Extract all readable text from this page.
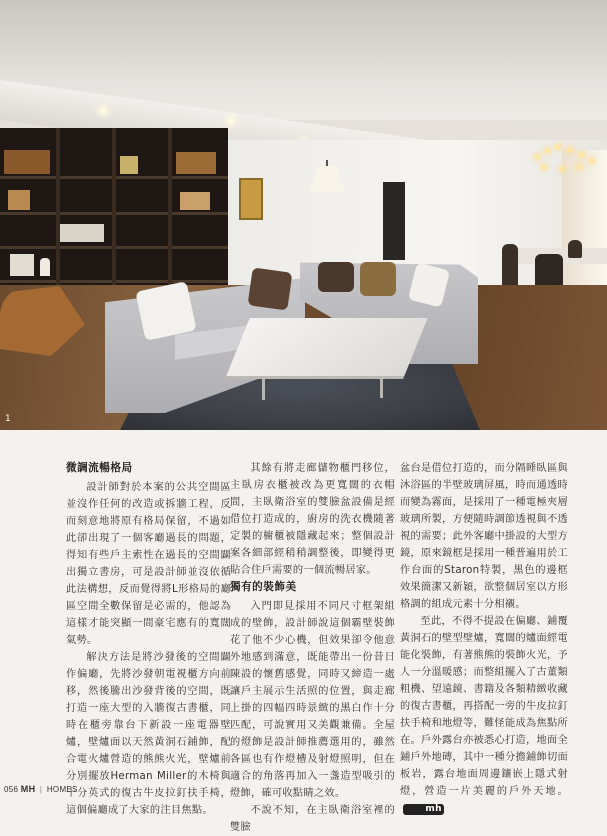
1
微調流暢格局

設計師對於本案的公共空間區並沒作任何的改造或拆牆工程，反而刻意地將原有格局保留，不過如此卻出現了一個客廳過長的問題，得知有些戶主索性在過長的空間闢出獨立書房，可是設計師並沒依循此法構想，反而覺得將L形格局的廳區空間全數保留是必需的，他認為這樣才能突顯一間豪宅應有的寬闊氣勢。

解決方法是將沙發後的空間闢作偏廳，先將沙發朝電視櫃方向前移，然後騰出沙發背後的空間，既打造一座大型的入牆復古書櫃，同時在櫃旁靠台下新設一座電器壁爐，壁爐面以天然黃洞石鋪飾，配合電火爐營造的熊熊火光，壁爐前分別擺放Herman Miller的木椅與十分英式的復古牛皮拉釘扶手椅，這個偏廳成了大家的注目焦點。

其餘有將走廊儲物櫃門移位，主臥房衣櫃被改為更寬闊的衣帽間，主臥衛浴室的雙臉盆設備是經借位打造成的，廚房的洗衣機隨著定製的櫥櫃被隱藏起來；整個設計案各細部經稍稍調整後，即變得更貼合住戶需要的一個流暢居家。

獨有的裝飾美

入門即見採用不同尺寸框架組成的壁飾，設計師說這個霸壁裝飾花了他不少心機，但效果卻令他意外地感到滿意，既能帶出一份昔日陳設的懷舊感覺，同時又締造一處讓戶主展示生活照的位置，與走廊上掛的四幅四時景緻的黑白作十分匹配，可說實用又美觀兼備。全屋的燈飾是設計師推薦選用的，雖然各區也有作燈槽及射燈照明，但在適合的角落再加入一盞造型吸引的燈飾，確可收點睛之效。

不說不知，在主臥衛浴室裡的雙臉

盆台是借位打造的，而分隔睡臥區與沐浴區的半壁玻璃屏風，時而通透時而變為霧面，是採用了一種電極夾層玻璃所製，方便隨時調節透視與不透視的需要；此外客廳中掛設的大型方鏡，原來鏡框是採用一種普遍用於工作台面的Staron特製，黑色的邊框效果簡潔又新穎，欲整個居室以方形格調的組成元素十分相襯。

至此，不得不提設在偏廳、鋪覆黃洞石的壁型壁爐，寬闊的爐面經電能化裝飾，有著熊熊的裝飾火光，予人一分溫暖感；而整組擺入了古董類粗機、望遠鏡、書籍及各類精緻收藏的復古書櫃，再搭配一旁的牛皮拉釘扶手椅和地燈等，難怪能成為焦點所在。戶外露台亦被悉心打造，地面全鋪戶外地磚，其中一種分擔鋪飾切面板岩，露台地面周邊鑲嵌上隱式射燈，營造一片美麗的戶外天地。mh

056 MH | HOMES
